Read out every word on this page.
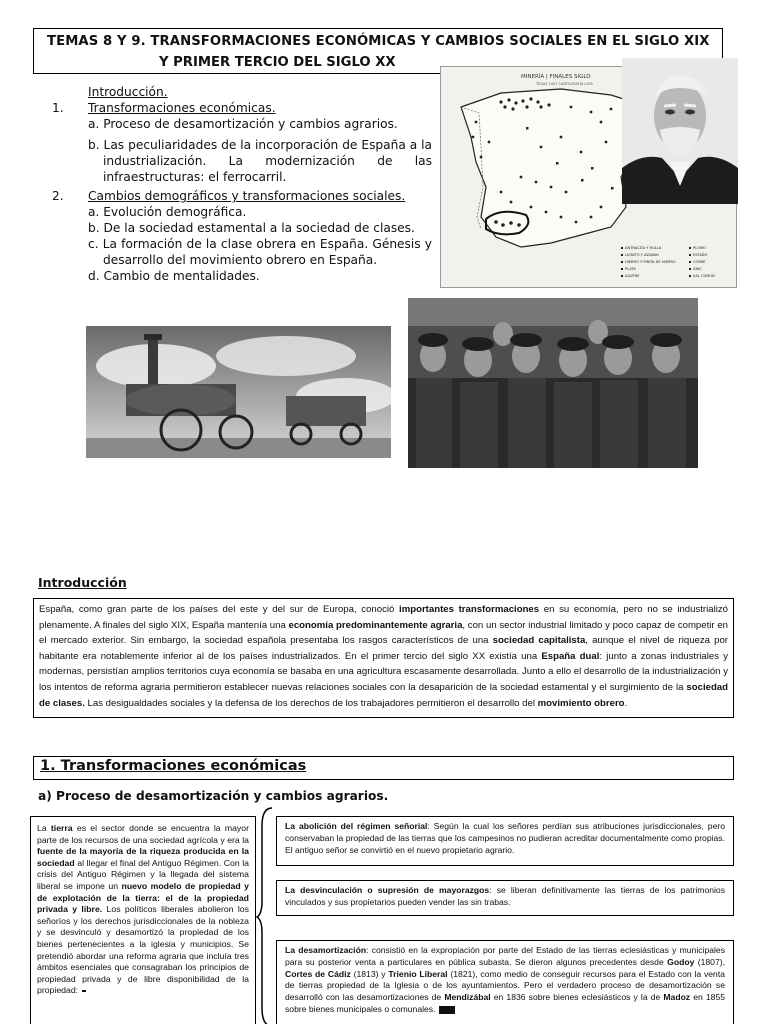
TEMAS 8 Y 9. TRANSFORMACIONES ECONÓMICAS Y CAMBIOS SOCIALES EN EL SIGLO XIX
Y PRIMER TERCIO DEL SIGLO XX
Introducción.
1. Transformaciones económicas.
a. Proceso de desamortización y cambios agrarios.
b. Las peculiaridades de la incorporación de España a la industrialización. La modernización de las infraestructuras: el ferrocarril.
2. Cambios demográficos y transformaciones sociales.
a. Evolución demográfica.
b. De la sociedad estamental a la sociedad de clases.
c. La formación de la clase obrera en España. Génesis y desarrollo del movimiento obrero en España.
d. Cambio de mentalidades.
MINERÍA | FINALES SIGLO
TEXAS 1907 CARTOGRAFÍA LATA
ANTRACITA Y HULLA
LIGNITO Y AZABAR
HIERRO Y PIRITA DE HIERRO
PLATA
AZUFRE
PLOMO
ESTAÑO
COBRE
ZINC
SAL COMÚN
Introducción
España, como gran parte de los países del este y del sur de Europa, conoció importantes transformaciones en su economía, pero no se industrializó plenamente. A finales del siglo XIX, España mantenía una economía predominantemente agraria, con un sector industrial limitado y poco capaz de competir en el mercado exterior. Sin embargo, la sociedad española presentaba los rasgos característicos de una sociedad capitalista, aunque el nivel de riqueza por habitante era notablemente inferior al de los países industrializados. En el primer tercio del siglo XX existía una España dual: junto a zonas industriales y modernas, persistían amplios territorios cuya economía se basaba en una agricultura escasamente desarrollada. Junto a ello el desarrollo de la industrialización y los intentos de reforma agraria permitieron establecer nuevas relaciones sociales con la desaparición de la sociedad estamental y el surgimiento de la sociedad de clases. Las desigualdades sociales y la defensa de los derechos de los trabajadores permitieron el desarrollo del movimiento obrero.
1. Transformaciones económicas
a) Proceso de desamortización y cambios agrarios.
La tierra es el sector donde se encuentra la mayor parte de los recursos de una sociedad agrícola y era la fuente de la mayoría de la riqueza producida en la sociedad al llegar el final del Antiguo Régimen. Con la crisis del Antiguo Régimen y la llegada del sistema liberal se impone un nuevo modelo de propiedad y de explotación de la tierra: el de la propiedad privada y libre. Los políticos liberales abolieron los señoríos y los derechos jurisdiccionales de la nobleza y se desvinculó y desamortizó la propiedad de los bienes pertenecientes a la iglesia y municipios. Se pretendió abordar una reforma agraria que incluía tres ámbitos esenciales que consagraban los principios de propiedad privada y de libre disponibilidad de la propiedad:
La abolición del régimen señorial: Según la cual los señores perdían sus atribuciones jurisdiccionales, pero conservaban la propiedad de las tierras que los campesinos no pudieran acreditar documentalmente como propias. El antiguo señor se convirtió en el nuevo propietario agrario.
La desvinculación o supresión de mayorazgos: se liberan definitivamente las tierras de los patrimonios vinculados y sus propietarios pueden vender las sin trabas.
La desamortización: consistió en la expropiación por parte del Estado de las tierras eclesiásticas y municipales para su posterior venta a particulares en pública subasta. Se dieron algunos precedentes desde Godoy (1807), Cortes de Cádiz (1813) y Trienio Liberal (1821), como medio de conseguir recursos para el Estado con la venta de tierras propiedad de la Iglesia o de los ayuntamientos. Pero el verdadero proceso de desamortización se desarrolló con las desamortizaciones de Mendizábal en 1836 sobre bienes eclesiásticos y la de Madoz en 1855 sobre bienes municipales o comunales.
